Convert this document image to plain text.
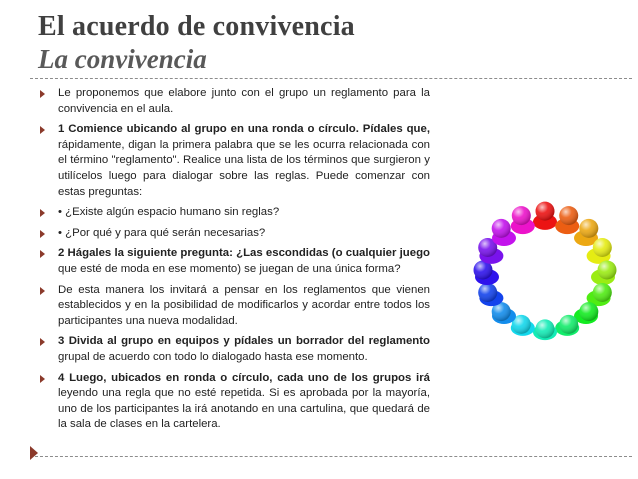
El acuerdo de convivencia
La convivencia
Le proponemos que elabore junto con el grupo un reglamento para la convivencia en el aula.
1 Comience ubicando al grupo en una ronda o círculo. Pídales que, rápidamente, digan la primera palabra que se les ocurra relacionada con el término "reglamento". Realice una lista de los términos que surgieron y utilícelos luego para dialogar sobre las reglas. Puede comenzar con estas preguntas:
• ¿Existe algún espacio humano sin reglas?
• ¿Por qué y para qué serán necesarias?
2 Hágales la siguiente pregunta: ¿Las escondidas (o cualquier juego que esté de moda en ese momento) se juegan de una única forma?
De esta manera los invitará a pensar en los reglamentos que vienen establecidos y en la posibilidad de modificarlos y acordar entre todos los participantes una nueva modalidad.
3 Divida al grupo en equipos y pídales un borrador del reglamento grupal de acuerdo con todo lo dialogado hasta ese momento.
4 Luego, ubicados en ronda o círculo, cada uno de los grupos irá leyendo una regla que no esté repetida. Si es aprobada por la mayoría, uno de los participantes la irá anotando en una cartulina, que quedará de la sala de clases en la cartelera.
